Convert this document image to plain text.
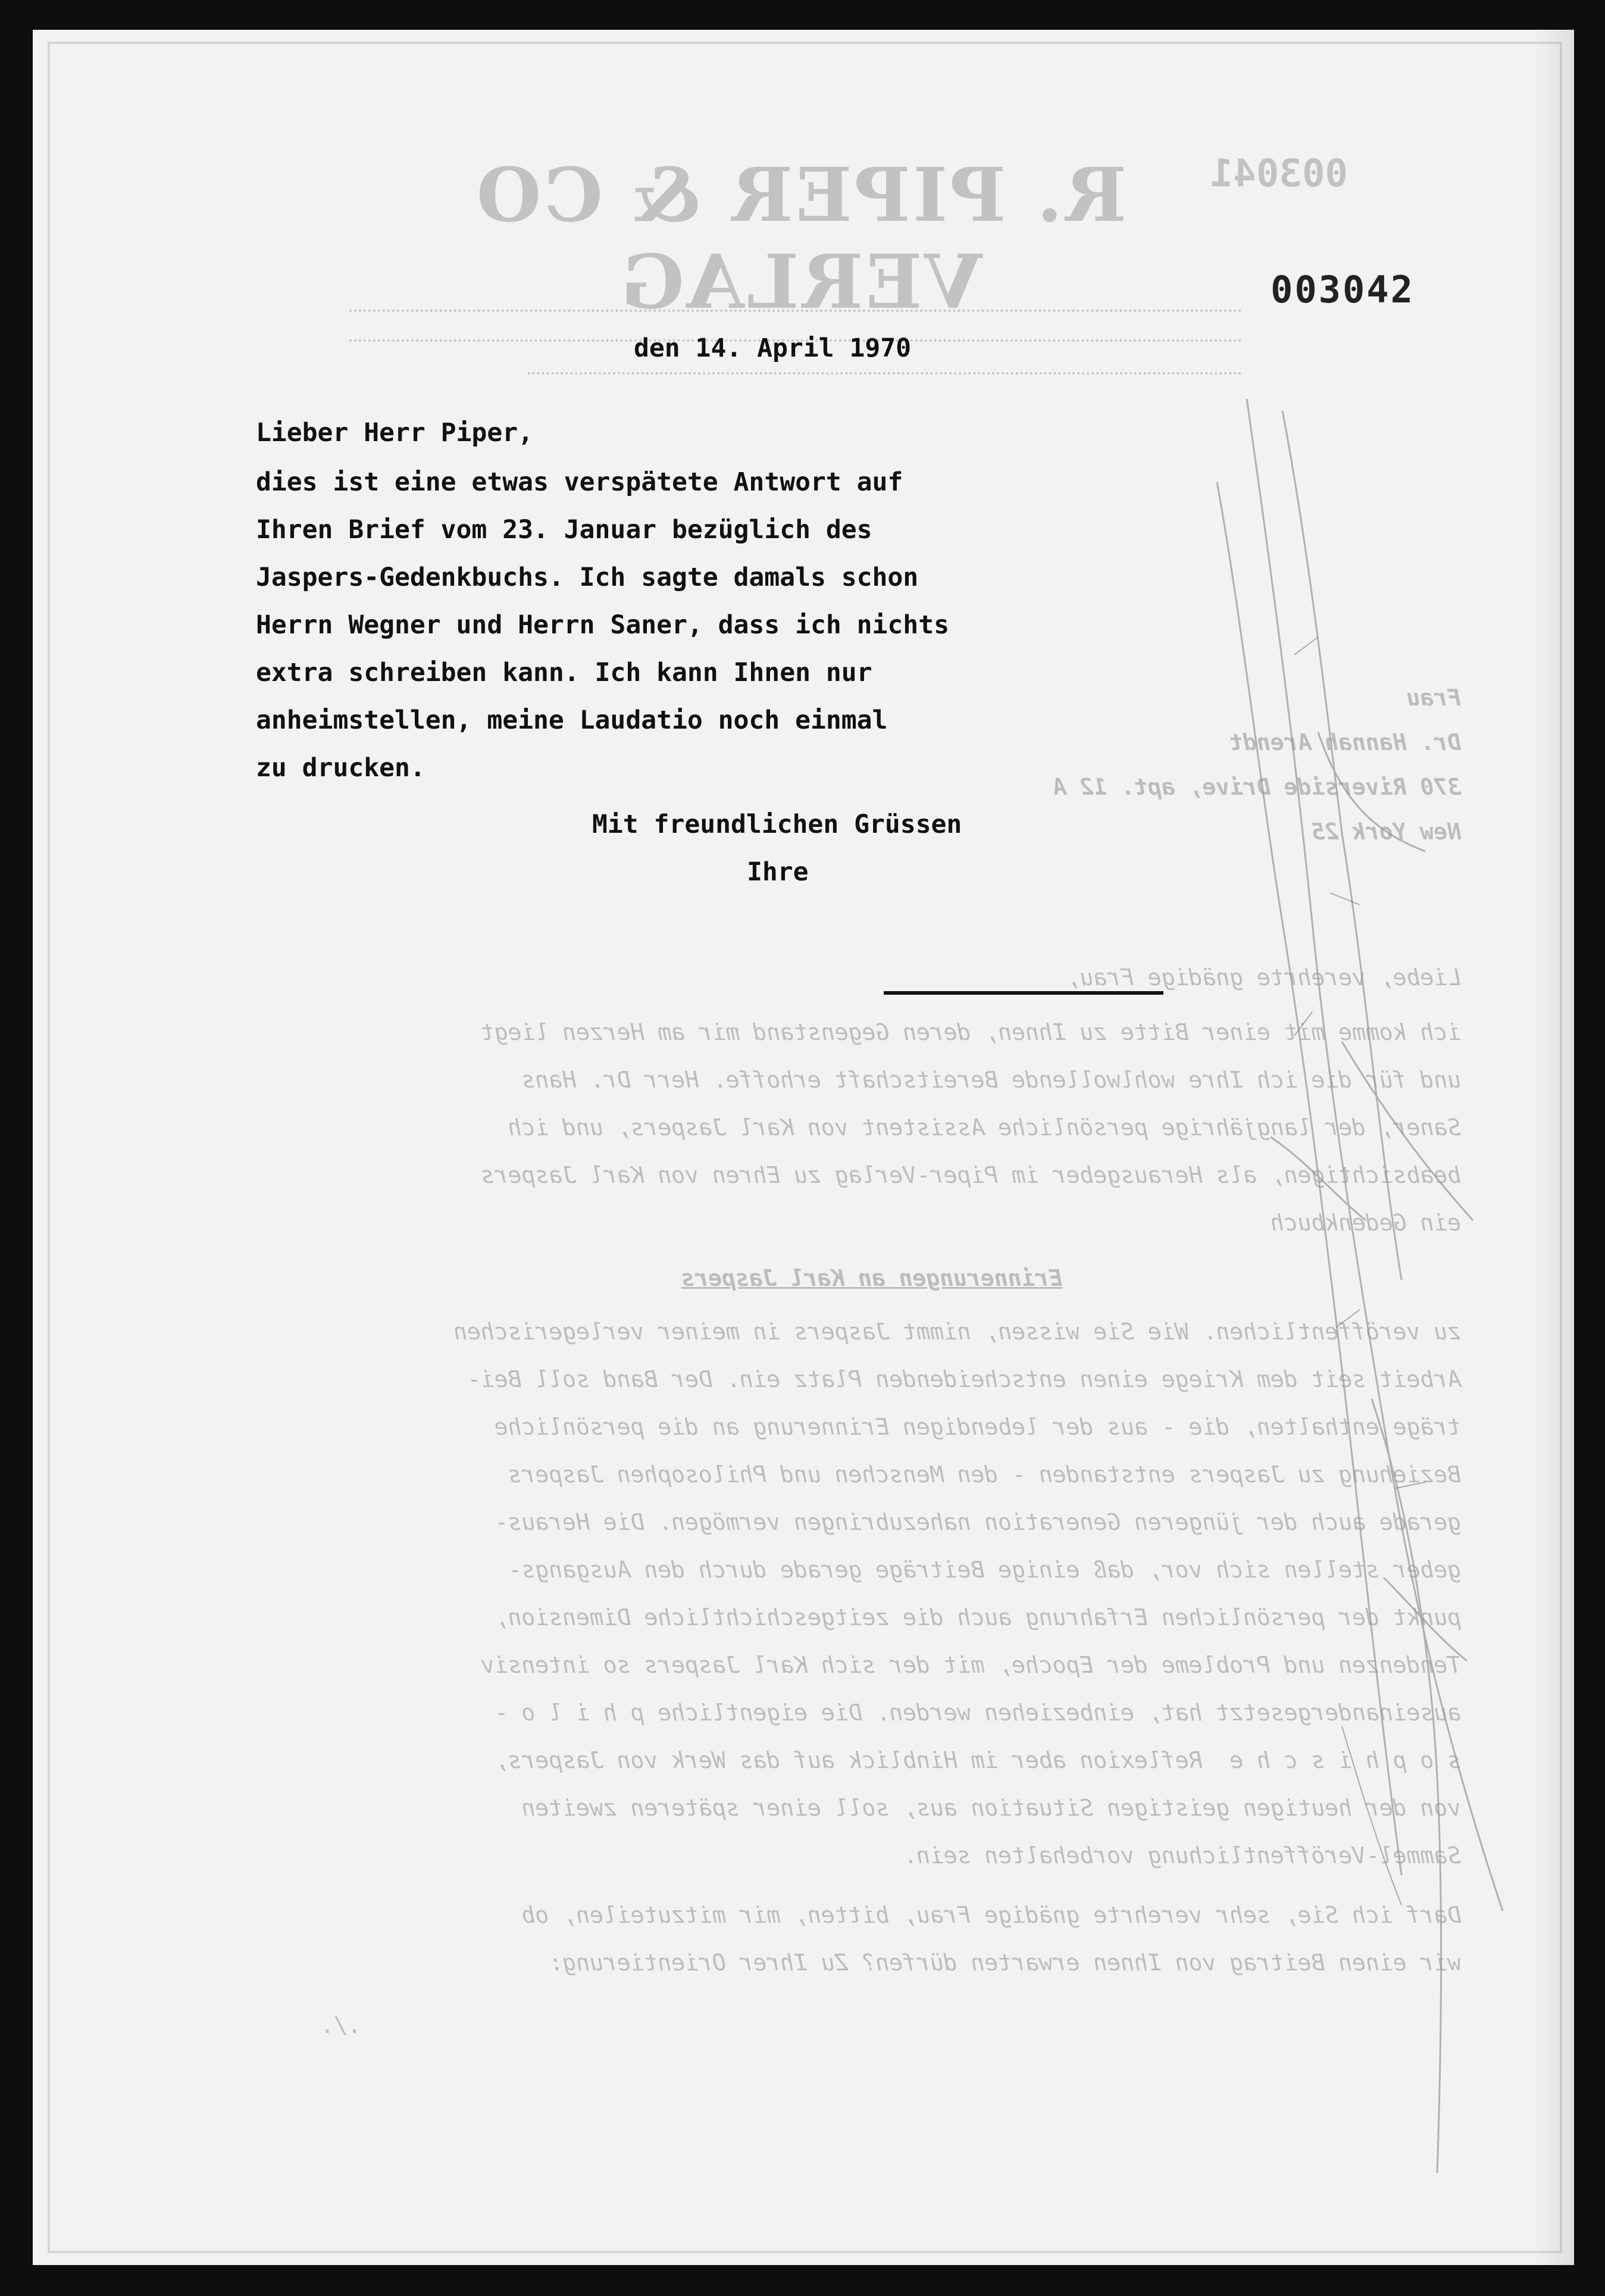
R. PIPER & CO VERLAG
003041
Frau
Dr. Hannah Arendt
370 Riverside Drive, apt. 12 A
New York 25
Liebe, verehrte gnädige Frau,
ich komme mit einer Bitte zu Ihnen, deren Gegenstand mir am Herzen liegt
und für die ich Ihre wohlwollende Bereitschaft erhoffe. Herr Dr. Hans
Saner, der langjährige persönliche Assistent von Karl Jaspers, und ich
beabsichtigen, als Herausgeber im Piper-Verlag zu Ehren von Karl Jaspers
ein Gedenkbuch
Erinnerungen an Karl Jaspers
zu veröffentlichen. Wie Sie wissen, nimmt Jaspers in meiner verlegerischen
Arbeit seit dem Kriege einen entscheidenden Platz ein. Der Band soll Bei-
träge enthalten, die - aus der lebendigen Erinnerung an die persönliche
Beziehung zu Jaspers entstanden - den Menschen und Philosophen Jaspers
gerade auch der jüngeren Generation nahezubringen vermögen. Die Heraus-
geber stellen sich vor, daß einige Beiträge gerade durch den Ausgangs-
punkt der persönlichen Erfahrung auch die zeitgeschichtliche Dimension,
Tendenzen und Probleme der Epoche, mit der sich Karl Jaspers so intensiv
auseinandergesetzt hat, einbeziehen werden. Die eigentliche p h i l o -
s o p h i s c h e  Reflexion aber im Hinblick auf das Werk von Jaspers,
von der heutigen geistigen Situation aus, soll einer späteren zweiten
Sammel-Veröffentlichung vorbehalten sein.
Darf ich Sie, sehr verehrte gnädige Frau, bitten, mir mitzuteilen, ob
wir einen Beitrag von Ihnen erwarten dürfen? Zu Ihrer Orientierung:
./.
003042
den 14. April 1970
Lieber Herr Piper,
dies ist eine etwas verspätete Antwort auf
Ihren Brief vom 23. Januar bezüglich des
Jaspers-Gedenkbuchs. Ich sagte damals schon
Herrn Wegner und Herrn Saner, dass ich nichts
extra schreiben kann. Ich kann Ihnen nur
anheimstellen, meine Laudatio noch einmal
zu drucken.
Mit freundlichen Grüssen
Ihre
